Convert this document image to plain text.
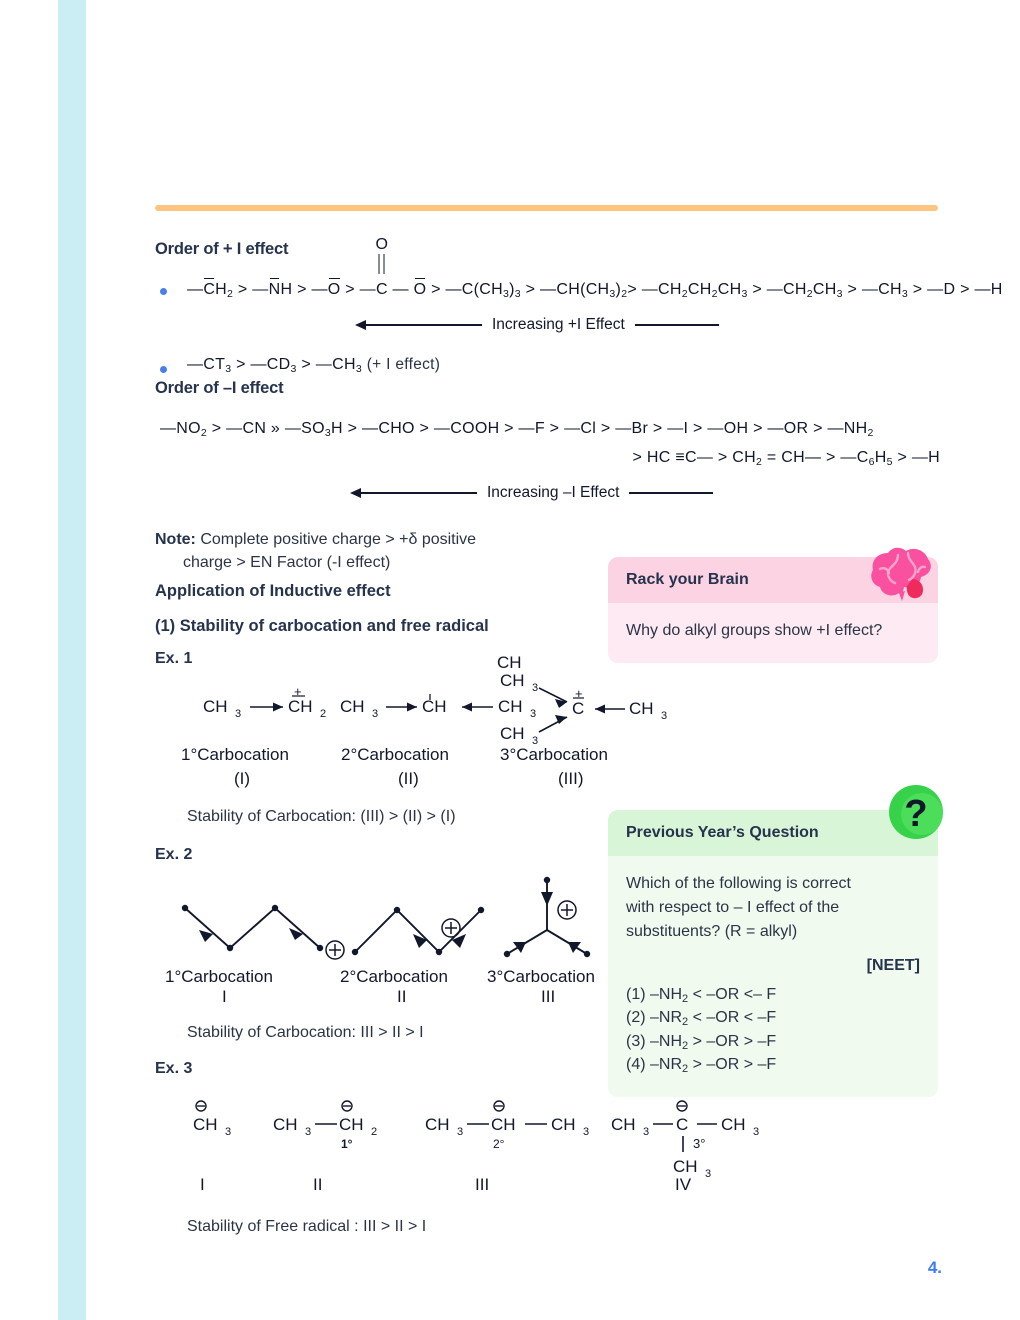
Order of + I effect
$—CH_2$ > —NH > —O > —
O
C — $O > —C(CH_3)_3$ > $—CH(CH_3)_2>$ $—CH_2CH_2CH_3$ > $—CH_2CH_3$ > $—CH_3$ > —D > —H
Increasing +I Effect
$—CT_3$ > $—CD_3$ > $—CH_3$ (+ I effect)
Order of –I effect
$—NO_2$ > —CN » $—SO_3H$ > —CHO > —COOH > —F > —Cl > —Br > —I > —OH > —OR > $—NH_2$
> HC ≡C— > $CH_2$ = CH— > $—C_6H_5$ > —H
Increasing –I Effect
Note: Complete positive charge > +δ positive
charge > EN Factor (-I effect)
Application of Inductive effect
(1) Stability of carbocation and free radical
Ex. 1
CH 3	CH 2
+
1°Carbocation
(I)
CH 3	CH	CH 3
2°Carbocation
(II)
CH
CH 3
CH 3
C
+
CH 3
3°Carbocation
(III)
Stability of Carbocation: (III) > (II) > (I)
Ex. 2
1°Carbocation
I
2°Carbocation
II
3°Carbocation
III
Stability of Carbocation: III > II > I
Ex. 3
CH 3
I
CH 3 CH 2
1°
II
CH 3 CH CH 3
2°
III
CH 3 C CH 3
3°
CH 3
IV
Stability of Free radical : III > II > I
Rack your Brain
Why do alkyl groups show +I effect?
Previous Year’s Question ?
Which of the following is correct
with respect to – I effect of the
substituents? (R = alkyl)
[NEET]
(1) $-NH_2 < -OR <- F$
(2) $-NR_2 < -OR < -F$
(3) $-NH_2 > -OR > -F$
(4) $-NR_2 > -OR > -F$
4.
